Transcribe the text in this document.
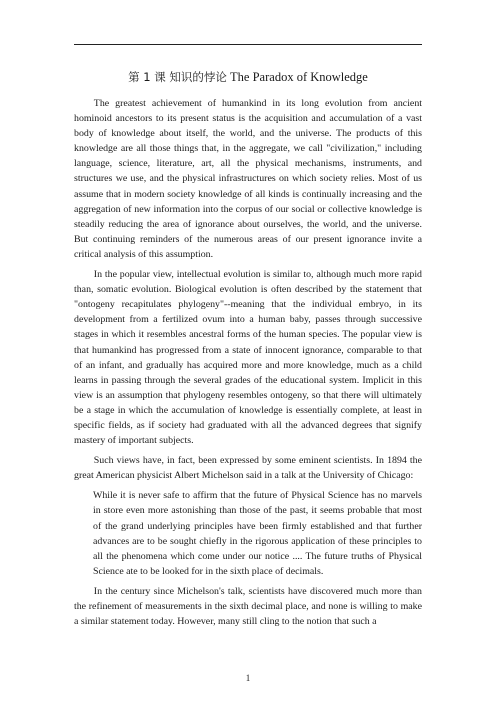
第 1 课 知识的悖论 The Paradox of Knowledge

The greatest achievement of humankind in its long evolution from ancient hominoid ancestors to its present status is the acquisition and accumulation of a vast body of knowledge about itself, the world, and the universe. The products of this knowledge are all those things that, in the aggregate, we call "civilization," including language, science, literature, art, all the physical mechanisms, instruments, and structures we use, and the physical infrastructures on which society relies. Most of us assume that in modern society knowledge of all kinds is continually increasing and the aggregation of new information into the corpus of our social or collective knowledge is steadily reducing the area of ignorance about ourselves, the world, and the universe. But continuing reminders of the numerous areas of our present ignorance invite a critical analysis of this assumption.

In the popular view, intellectual evolution is similar to, although much more rapid than, somatic evolution. Biological evolution is often described by the statement that "ontogeny recapitulates phylogeny"--meaning that the individual embryo, in its development from a fertilized ovum into a human baby, passes through successive stages in which it resembles ancestral forms of the human species. The popular view is that humankind has progressed from a state of innocent ignorance, comparable to that of an infant, and gradually has acquired more and more knowledge, much as a child learns in passing through the several grades of the educational system. Implicit in this view is an assumption that phylogeny resembles ontogeny, so that there will ultimately be a stage in which the accumulation of knowledge is essentially complete, at least in specific fields, as if society had graduated with all the advanced degrees that signify mastery of important subjects.

Such views have, in fact, been expressed by some eminent scientists. In 1894 the great American physicist Albert Michelson said in a talk at the University of Chicago:

While it is never safe to affirm that the future of Physical Science has no marvels in store even more astonishing than those of the past, it seems probable that most of the grand underlying principles have been firmly established and that further advances are to be sought chiefly in the rigorous application of these principles to all the phenomena which come under our notice .... The future truths of Physical Science ate to be looked for in the sixth place of decimals.

In the century since Michelson's talk, scientists have discovered much more than the refinement of measurements in the sixth decimal place, and none is willing to make a similar statement today. However, many still cling to the notion that such a

1
